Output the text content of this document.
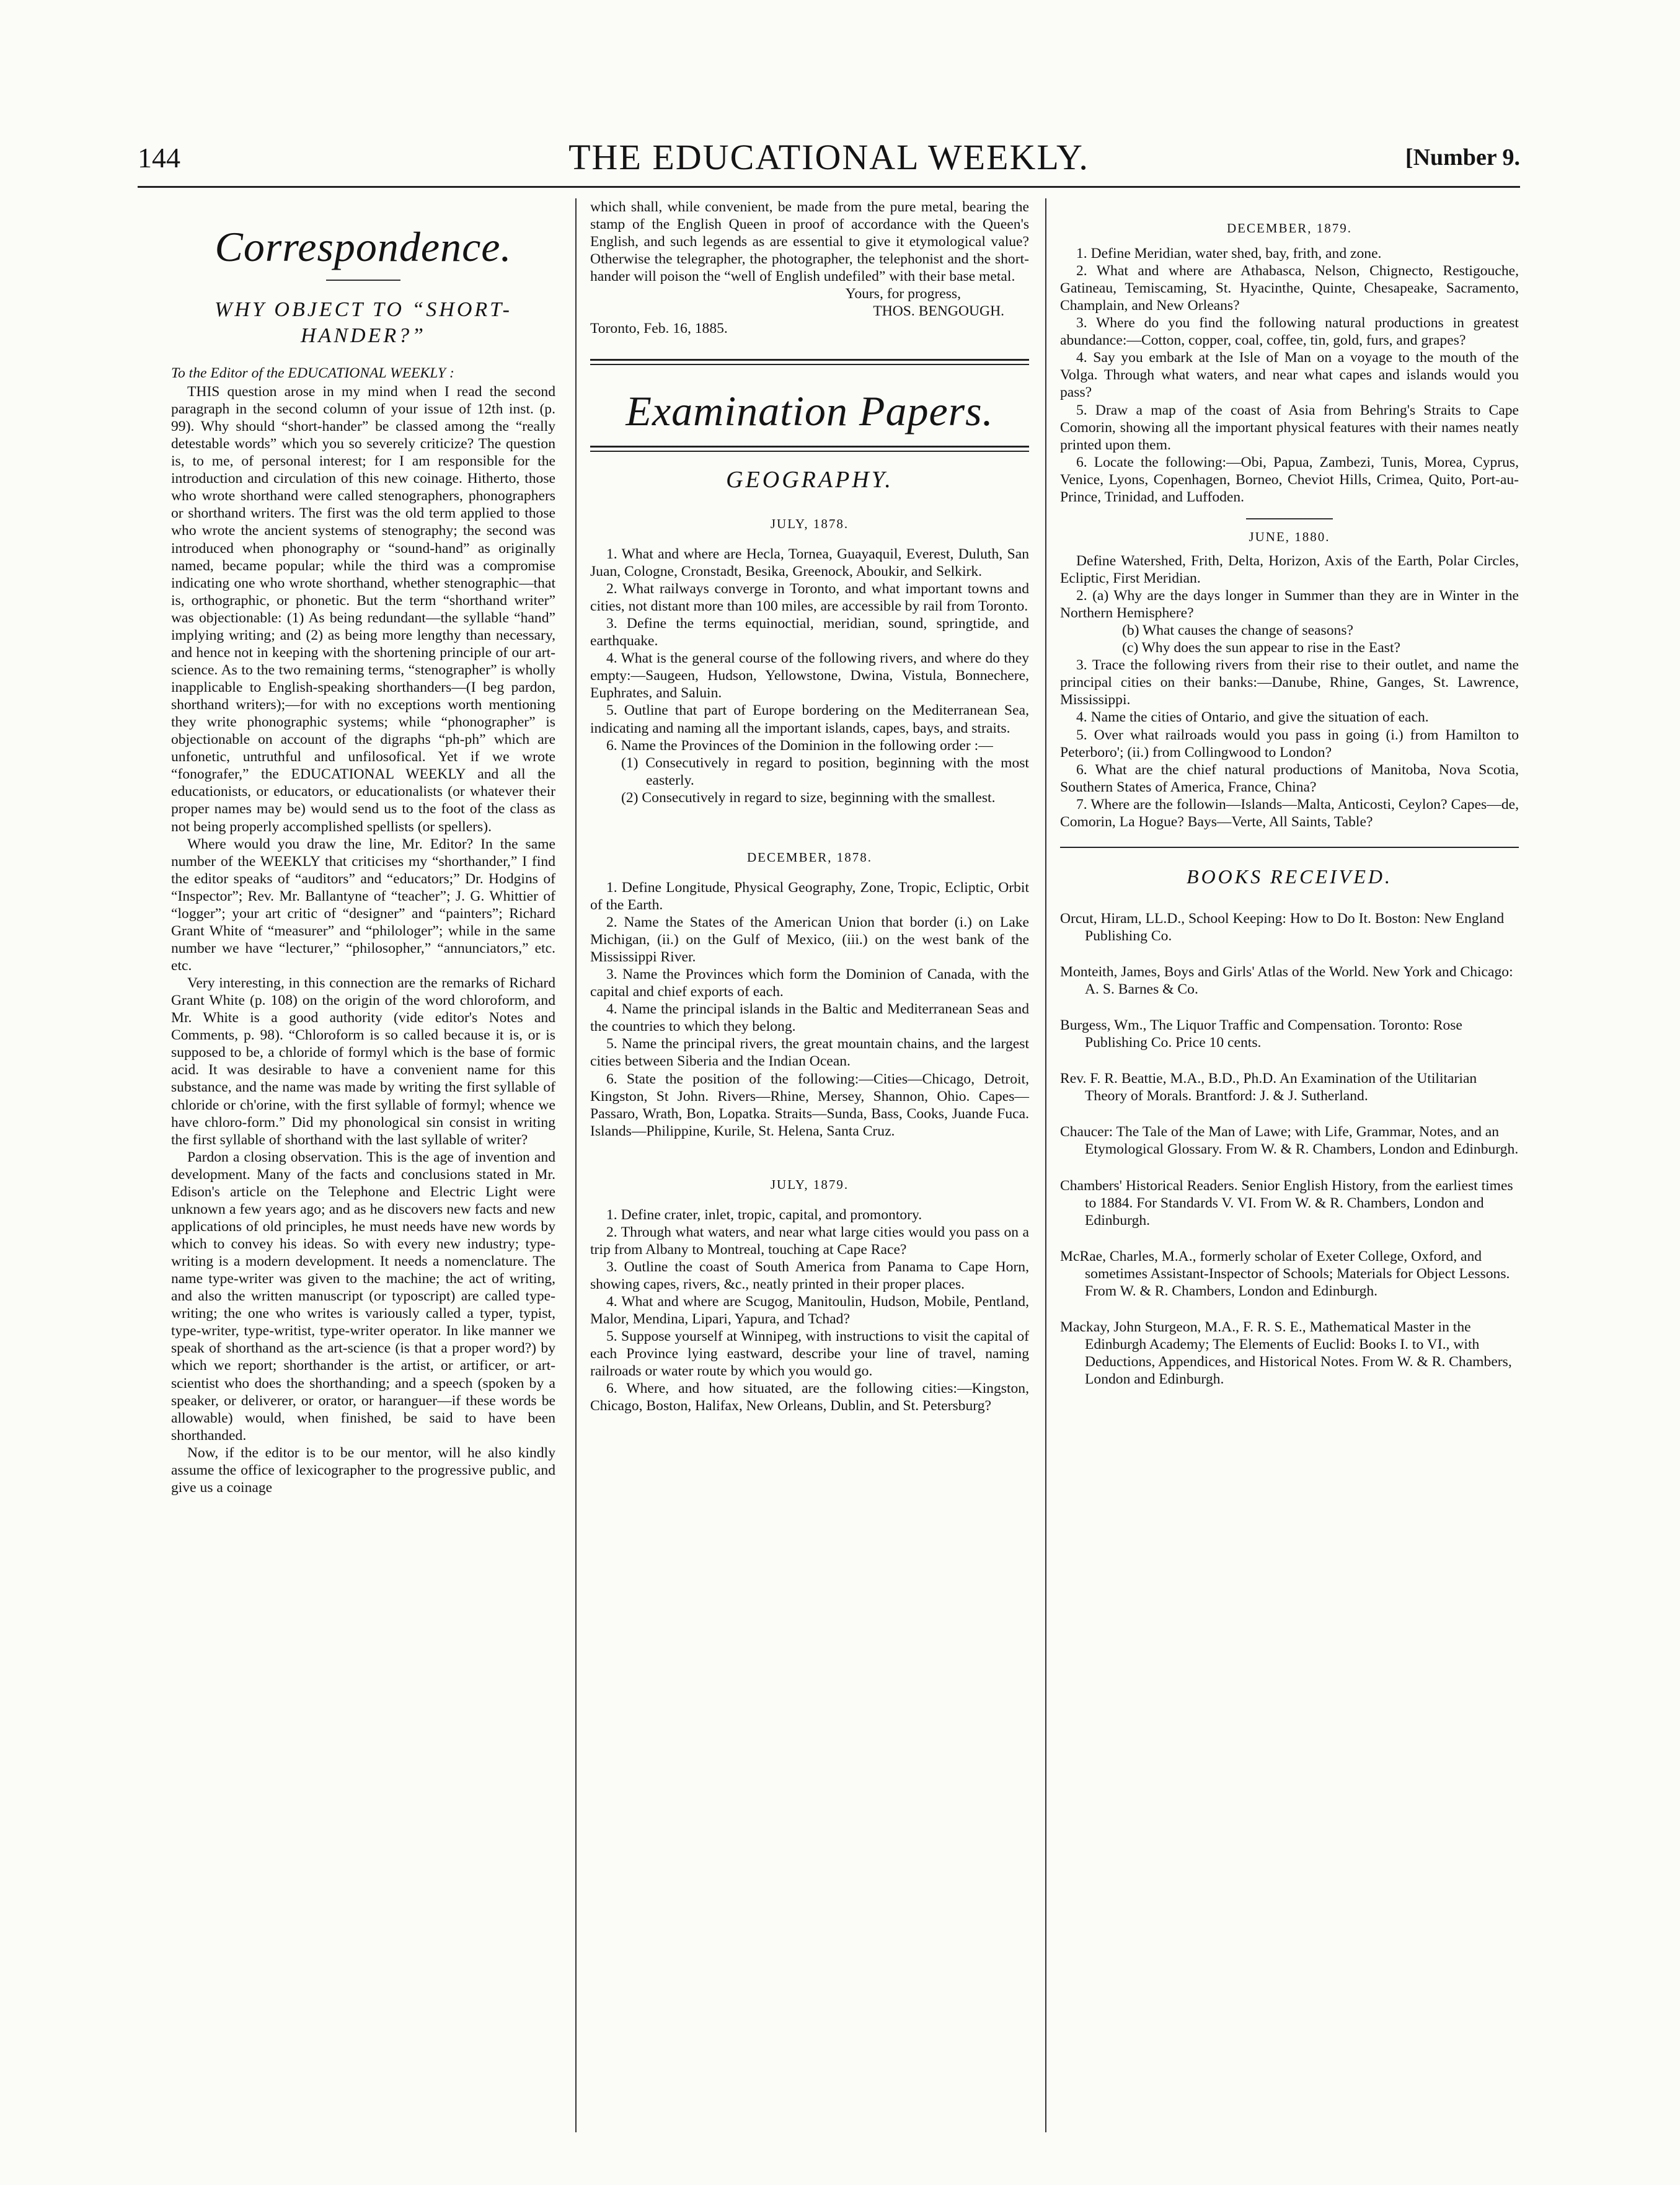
144	THE EDUCATIONAL WEEKLY.	[Number 9.
Correspondence.
WHY OBJECT TO “SHORT-HANDER?”

To the Editor of the EDUCATIONAL WEEKLY :

THIS question arose in my mind when I read the second paragraph in the second column of your issue of 12th inst. (p. 99). Why should “short-hander” be classed among the “really detestable words” which you so severely criticize? The question is, to me, of personal interest; for I am responsible for the introduction and circulation of this new coinage. Hitherto, those who wrote shorthand were called stenographers, phonographers or shorthand writers. The first was the old term applied to those who wrote the ancient systems of stenography; the second was introduced when phonography or “sound-hand” as originally named, became popular; while the third was a compromise indicating one who wrote shorthand, whether stenographic—that is, orthographic, or phonetic. But the term “shorthand writer” was objectionable: (1) As being redundant—the syllable “hand” implying writing; and (2) as being more lengthy than necessary, and hence not in keeping with the shortening principle of our art-science. As to the two remaining terms, “stenographer” is wholly inapplicable to English-speaking shorthanders—(I beg pardon, shorthand writers);—for with no exceptions worth mentioning they write phonographic systems; while “phonographer” is objectionable on account of the digraphs “ph-ph” which are unfonetic, untruthful and unfilosofical. Yet if we wrote “fonografer,” the EDUCATIONAL WEEKLY and all the educationists, or educators, or educationalists (or whatever their proper names may be) would send us to the foot of the class as not being properly accomplished spellists (or spellers).

Where would you draw the line, Mr. Editor? In the same number of the WEEKLY that criticises my “shorthander,” I find the editor speaks of “auditors” and “educators;” Dr. Hodgins of “Inspector”; Rev. Mr. Ballantyne of “teacher”; J. G. Whittier of “logger”; your art critic of “designer” and “painters”; Richard Grant White of “measurer” and “philologer”; while in the same number we have “lecturer,” “philosopher,” “annunciators,” etc. etc.

Very interesting, in this connection are the remarks of Richard Grant White (p. 108) on the origin of the word chloroform, and Mr. White is a good authority (vide editor's Notes and Comments, p. 98). “Chloroform is so called because it is, or is supposed to be, a chloride of formyl which is the base of formic acid. It was desirable to have a convenient name for this substance, and the name was made by writing the first syllable of chloride or ch'orine, with the first syllable of formyl; whence we have chloro-form.” Did my phonological sin consist in writing the first syllable of shorthand with the last syllable of writer?

Pardon a closing observation. This is the age of invention and development. Many of the facts and conclusions stated in Mr. Edison's article on the Telephone and Electric Light were unknown a few years ago; and as he discovers new facts and new applications of old principles, he must needs have new words by which to convey his ideas. So with every new industry; type-writing is a modern development. It needs a nomenclature. The name type-writer was given to the machine; the act of writing, and also the written manuscript (or typoscript) are called type-writing; the one who writes is variously called a typer, typist, type-writer, type-writist, type-writer operator. In like manner we speak of shorthand as the art-science (is that a proper word?) by which we report; shorthander is the artist, or artificer, or art-scientist who does the shorthanding; and a speech (spoken by a speaker, or deliverer, or orator, or haranguer—if these words be allowable) would, when finished, be said to have been shorthanded.

Now, if the editor is to be our mentor, will he also kindly assume the office of lexicographer to the progressive public, and give us a coinage

which shall, while convenient, be made from the pure metal, bearing the stamp of the English Queen in proof of accordance with the Queen's English, and such legends as are essential to give it etymological value? Otherwise the telegrapher, the photographer, the telephonist and the short-hander will poison the “well of English undefiled” with their base metal.

Yours, for progress,

THOS. BENGOUGH.

Toronto, Feb. 16, 1885.

Examination Papers.
GEOGRAPHY.
JULY, 1878.

1. What and where are Hecla, Tornea, Guayaquil, Everest, Duluth, San Juan, Cologne, Cronstadt, Besika, Greenock, Aboukir, and Selkirk.

2. What railways converge in Toronto, and what important towns and cities, not distant more than 100 miles, are accessible by rail from Toronto.

3. Define the terms equinoctial, meridian, sound, springtide, and earthquake.

4. What is the general course of the following rivers, and where do they empty:—Saugeen, Hudson, Yellowstone, Dwina, Vistula, Bonnechere, Euphrates, and Saluin.

5. Outline that part of Europe bordering on the Mediterranean Sea, indicating and naming all the important islands, capes, bays, and straits.

6. Name the Provinces of the Dominion in the following order :—

(1) Consecutively in regard to position, beginning with the most easterly.

(2) Consecutively in regard to size, beginning with the smallest.

DECEMBER, 1878.

1. Define Longitude, Physical Geography, Zone, Tropic, Ecliptic, Orbit of the Earth.

2. Name the States of the American Union that border (i.) on Lake Michigan, (ii.) on the Gulf of Mexico, (iii.) on the west bank of the Mississippi River.

3. Name the Provinces which form the Dominion of Canada, with the capital and chief exports of each.

4. Name the principal islands in the Baltic and Mediterranean Seas and the countries to which they belong.

5. Name the principal rivers, the great mountain chains, and the largest cities between Siberia and the Indian Ocean.

6. State the position of the following:—Cities—Chicago, Detroit, Kingston, St John. Rivers—Rhine, Mersey, Shannon, Ohio. Capes—Passaro, Wrath, Bon, Lopatka. Straits—Sunda, Bass, Cooks, Juande Fuca. Islands—Philippine, Kurile, St. Helena, Santa Cruz.

JULY, 1879.

1. Define crater, inlet, tropic, capital, and promontory.

2. Through what waters, and near what large cities would you pass on a trip from Albany to Montreal, touching at Cape Race?

3. Outline the coast of South America from Panama to Cape Horn, showing capes, rivers, &c., neatly printed in their proper places.

4. What and where are Scugog, Manitoulin, Hudson, Mobile, Pentland, Malor, Mendina, Lipari, Yapura, and Tchad?

5. Suppose yourself at Winnipeg, with instructions to visit the capital of each Province lying eastward, describe your line of travel, naming railroads or water route by which you would go.

6. Where, and how situated, are the following cities:—Kingston, Chicago, Boston, Halifax, New Orleans, Dublin, and St. Petersburg?

DECEMBER, 1879.

1. Define Meridian, water shed, bay, frith, and zone.

2. What and where are Athabasca, Nelson, Chignecto, Restigouche, Gatineau, Temiscaming, St. Hyacinthe, Quinte, Chesapeake, Sacramento, Champlain, and New Orleans?

3. Where do you find the following natural productions in greatest abundance:—Cotton, copper, coal, coffee, tin, gold, furs, and grapes?

4. Say you embark at the Isle of Man on a voyage to the mouth of the Volga. Through what waters, and near what capes and islands would you pass?

5. Draw a map of the coast of Asia from Behring's Straits to Cape Comorin, showing all the important physical features with their names neatly printed upon them.

6. Locate the following:—Obi, Papua, Zambezi, Tunis, Morea, Cyprus, Venice, Lyons, Copenhagen, Borneo, Cheviot Hills, Crimea, Quito, Port-au-Prince, Trinidad, and Luffoden.

JUNE, 1880.

Define Watershed, Frith, Delta, Horizon, Axis of the Earth, Polar Circles, Ecliptic, First Meridian.

2. (a) Why are the days longer in Summer than they are in Winter in the Northern Hemisphere?

(b) What causes the change of seasons?

(c) Why does the sun appear to rise in the East?

3. Trace the following rivers from their rise to their outlet, and name the principal cities on their banks:—Danube, Rhine, Ganges, St. Lawrence, Mississippi.

4. Name the cities of Ontario, and give the situation of each.

5. Over what railroads would you pass in going (i.) from Hamilton to Peterboro'; (ii.) from Collingwood to London?

6. What are the chief natural productions of Manitoba, Nova Scotia, Southern States of America, France, China?

7. Where are the followin—Islands—Malta, Anticosti, Ceylon? Capes—de, Comorin, La Hogue? Bays—Verte, All Saints, Table?

BOOKS RECEIVED.

Orcut, Hiram, LL.D., School Keeping: How to Do It. Boston: New England Publishing Co.

Monteith, James, Boys and Girls' Atlas of the World. New York and Chicago: A. S. Barnes & Co.

Burgess, Wm., The Liquor Traffic and Compensation. Toronto: Rose Publishing Co. Price 10 cents.

Rev. F. R. Beattie, M.A., B.D., Ph.D. An Examination of the Utilitarian Theory of Morals. Brantford: J. & J. Sutherland.

Chaucer: The Tale of the Man of Lawe; with Life, Grammar, Notes, and an Etymological Glossary. From W. & R. Chambers, London and Edinburgh.

Chambers' Historical Readers. Senior English History, from the earliest times to 1884. For Standards V. VI. From W. & R. Chambers, London and Edinburgh.

McRae, Charles, M.A., formerly scholar of Exeter College, Oxford, and sometimes Assistant-Inspector of Schools; Materials for Object Lessons. From W. & R. Chambers, London and Edinburgh.

Mackay, John Sturgeon, M.A., F. R. S. E., Mathematical Master in the Edinburgh Academy; The Elements of Euclid: Books I. to VI., with Deductions, Appendices, and Historical Notes. From W. & R. Chambers, London and Edinburgh.
